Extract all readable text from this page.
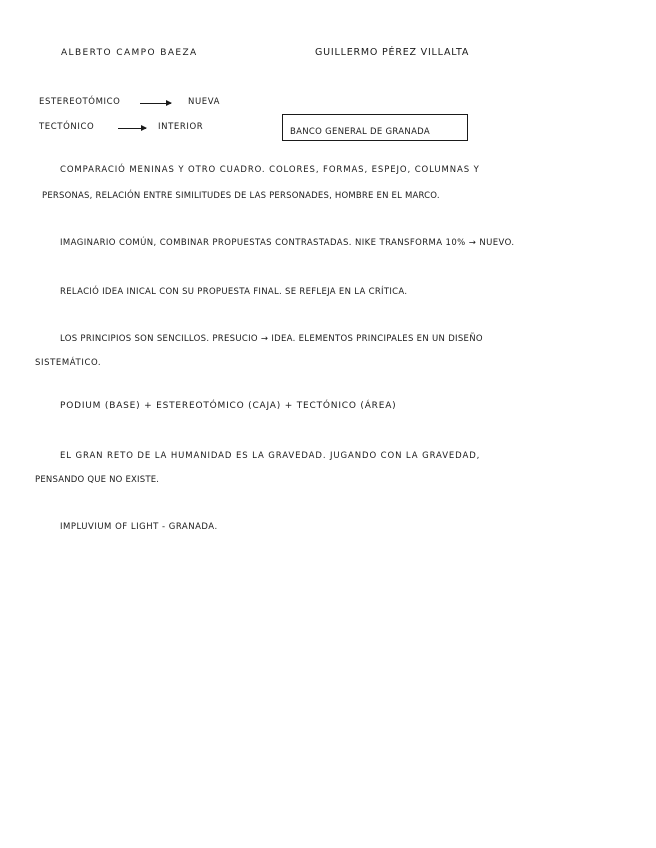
ALBERTO CAMPO BAEZA	GUILLERMO PÉREZ VILLALTA
ESTEREOTÓMICO	NUEVA
TECTÓNICO	INTERIOR	BANCO GENERAL DE GRANADA
COMPARACIÓ MENINAS Y OTRO CUADRO. COLORES, FORMAS, ESPEJO, COLUMNAS Y
PERSONAS, RELACIÓN ENTRE SIMILITUDES DE LAS PERSONADES, HOMBRE EN EL MARCO.
IMAGINARIO COMÚN, COMBINAR PROPUESTAS CONTRASTADAS. NIKE TRANSFORMA 10% → NUEVO.
RELACIÓ IDEA INICAL CON SU PROPUESTA FINAL. SE REFLEJA EN LA CRÍTICA.
LOS PRINCIPIOS SON SENCILLOS. PRESUCIO → IDEA. ELEMENTOS PRINCIPALES EN UN DISEÑO
SISTEMÁTICO.
PODIUM (BASE) + ESTEREOTÓMICO (CAJA) + TECTÓNICO (ÁREA)
EL GRAN RETO DE LA HUMANIDAD ES LA GRAVEDAD. JUGANDO CON LA GRAVEDAD,
PENSANDO QUE NO EXISTE.
IMPLUVIUM OF LIGHT - GRANADA.
